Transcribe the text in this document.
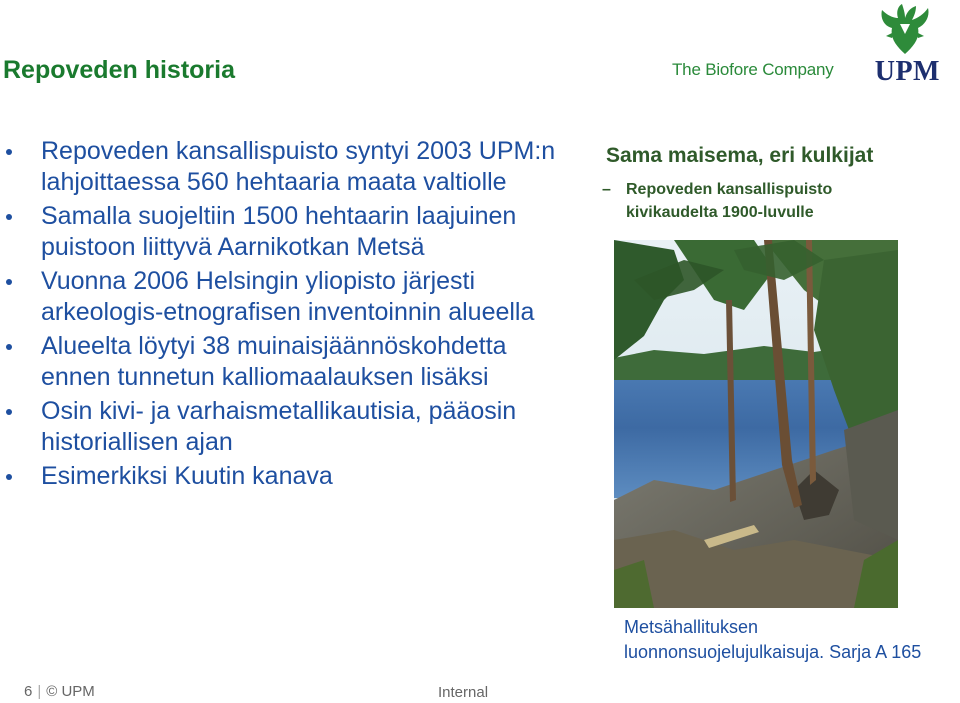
Repoveden historia	The Biofore Company UPM
Repoveden kansallispuisto syntyi 2003 UPM:n lahjoittaessa 560 hehtaaria maata valtiolle
Samalla suojeltiin 1500 hehtaarin laajuinen puistoon liittyvä Aarnikotkan Metsä
Vuonna 2006 Helsingin yliopisto järjesti arkeologis-etnografisen inventoinnin alueella
Alueelta löytyi 38 muinaisjäännöskohdetta ennen tunnetun kalliomaalauksen lisäksi
Osin kivi- ja varhaismetallikautisia, pääosin historiallisen ajan
Esimerkiksi Kuutin kanava
Sama maisema, eri kulkijat
– Repoveden kansallispuisto kivikaudelta 1900-luvulle
Metsähallituksen
luonnonsuojelujulkaisuja. Sarja A 165
6 | © UPM	Internal
